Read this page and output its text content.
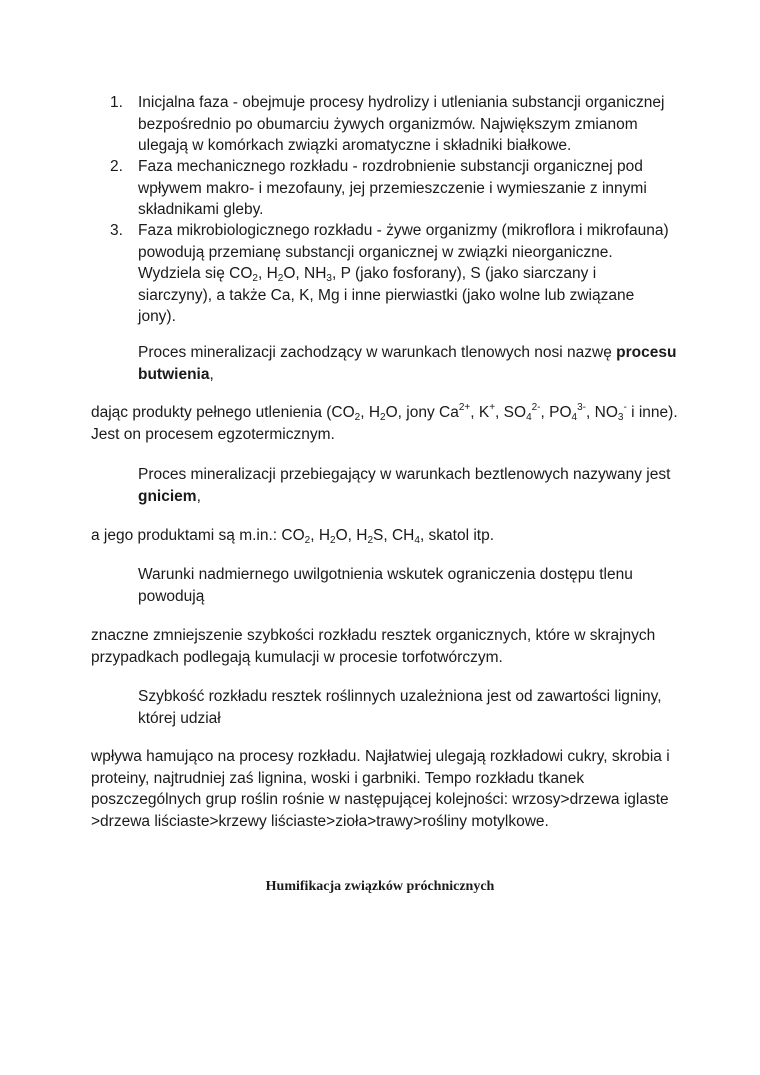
1. Inicjalna faza - obejmuje procesy hydrolizy i utleniania substancji organicznej bezpośrednio po obumarciu żywych organizmów. Największym zmianom ulegają w komórkach związki aromatyczne i składniki białkowe.
2. Faza mechanicznego rozkładu - rozdrobnienie substancji organicznej pod wpływem makro- i mezofauny, jej przemieszczenie i wymieszanie z innymi składnikami gleby.
3. Faza mikrobiologicznego rozkładu - żywe organizmy (mikroflora i mikrofauna) powodują przemianę substancji organicznej w związki nieorganiczne. Wydziela się $CO_2$, $H_2O$, $NH_3$, P (jako fosforany), S (jako siarczany i siarczyny), a także Ca, K, Mg i inne pierwiastki (jako wolne lub związane jony).
Proces mineralizacji zachodzący w warunkach tlenowych nosi nazwę procesu butwienia,
dając produkty pełnego utlenienia ($CO_2$, $H_2O$, jony $Ca^{2+}$, K+, $SO_4^{2-}$, $PO_4^{3-}$, $NO_3^-$ i inne). Jest on procesem egzotermicznym.
Proces mineralizacji przebiegający w warunkach beztlenowych nazywany jest gniciem,
a jego produktami są m.in.: $CO_2$, $H_2O$, $H_2S$, $CH_4$, skatol itp.
Warunki nadmiernego uwilgotnienia wskutek ograniczenia dostępu tlenu powodują
znaczne zmniejszenie szybkości rozkładu resztek organicznych, które w skrajnych przypadkach podlegają kumulacji w procesie torfotwórczym.
Szybkość rozkładu resztek roślinnych uzależniona jest od zawartości ligniny, której udział
wpływa hamująco na procesy rozkładu. Najłatwiej ulegają rozkładowi cukry, skrobia i proteiny, najtrudniej zaś lignina, woski i garbniki. Tempo rozkładu tkanek poszczególnych grup roślin rośnie w następującej kolejności: wrzosy>drzewa iglaste >drzewa liściaste>krzewy liściaste>zioła>trawy>rośliny motylkowe.
Humifikacja związków próchnicznych
